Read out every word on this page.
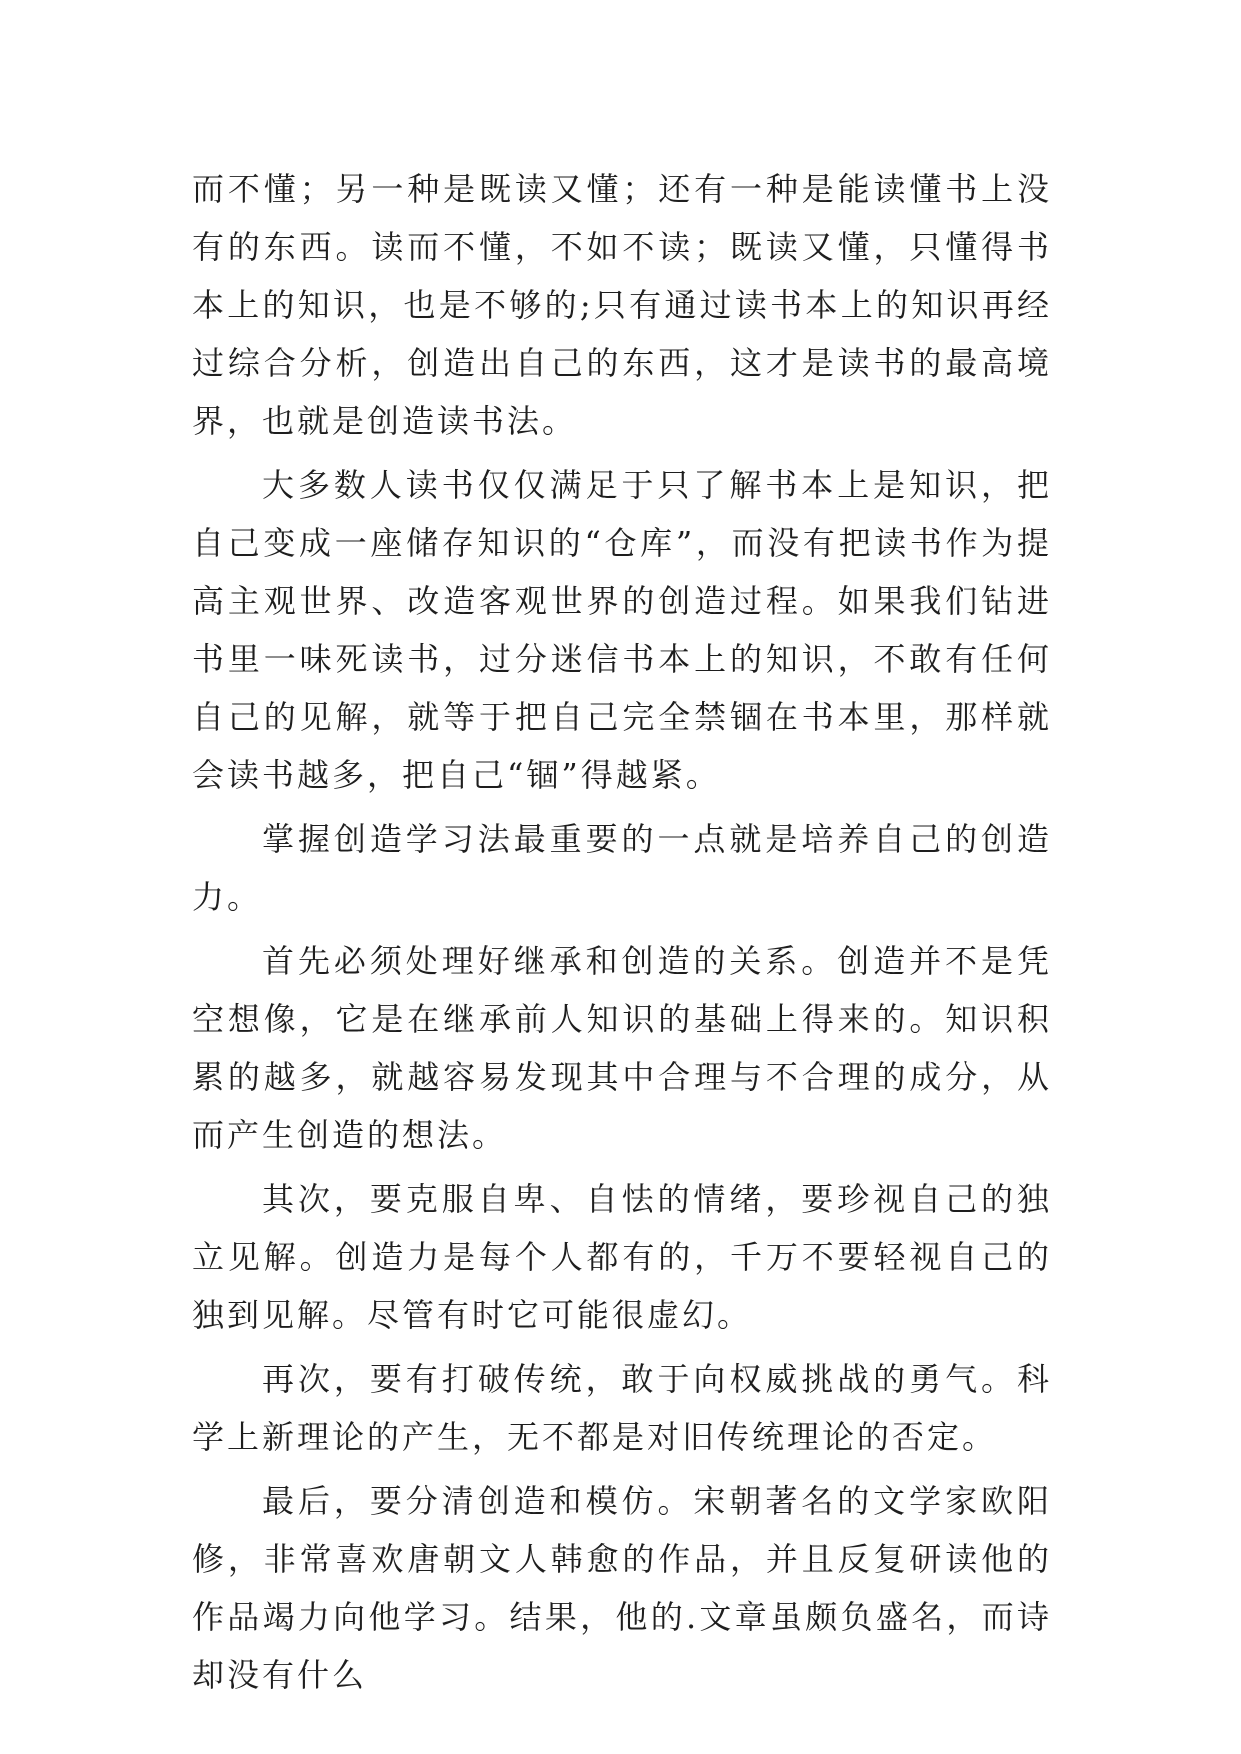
而不懂；另一种是既读又懂；还有一种是能读懂书上没有的东西。读而不懂，不如不读；既读又懂，只懂得书本上的知识，也是不够的;只有通过读书本上的知识再经过综合分析，创造出自己的东西，这才是读书的最高境界，也就是创造读书法。

大多数人读书仅仅满足于只了解书本上是知识，把自己变成一座储存知识的“仓库”，而没有把读书作为提高主观世界、改造客观世界的创造过程。如果我们钻进书里一味死读书，过分迷信书本上的知识，不敢有任何自己的见解，就等于把自己完全禁锢在书本里，那样就会读书越多，把自己“锢”得越紧。

掌握创造学习法最重要的一点就是培养自己的创造力。

首先必须处理好继承和创造的关系。创造并不是凭空想像，它是在继承前人知识的基础上得来的。知识积累的越多，就越容易发现其中合理与不合理的成分，从而产生创造的想法。

其次，要克服自卑、自怯的情绪，要珍视自己的独立见解。创造力是每个人都有的，千万不要轻视自己的独到见解。尽管有时它可能很虚幻。

再次，要有打破传统，敢于向权威挑战的勇气。科学上新理论的产生，无不都是对旧传统理论的否定。

最后，要分清创造和模仿。宋朝著名的文学家欧阳修，非常喜欢唐朝文人韩愈的作品，并且反复研读他的作品竭力向他学习。结果，他的.文章虽颇负盛名，而诗却没有什么
